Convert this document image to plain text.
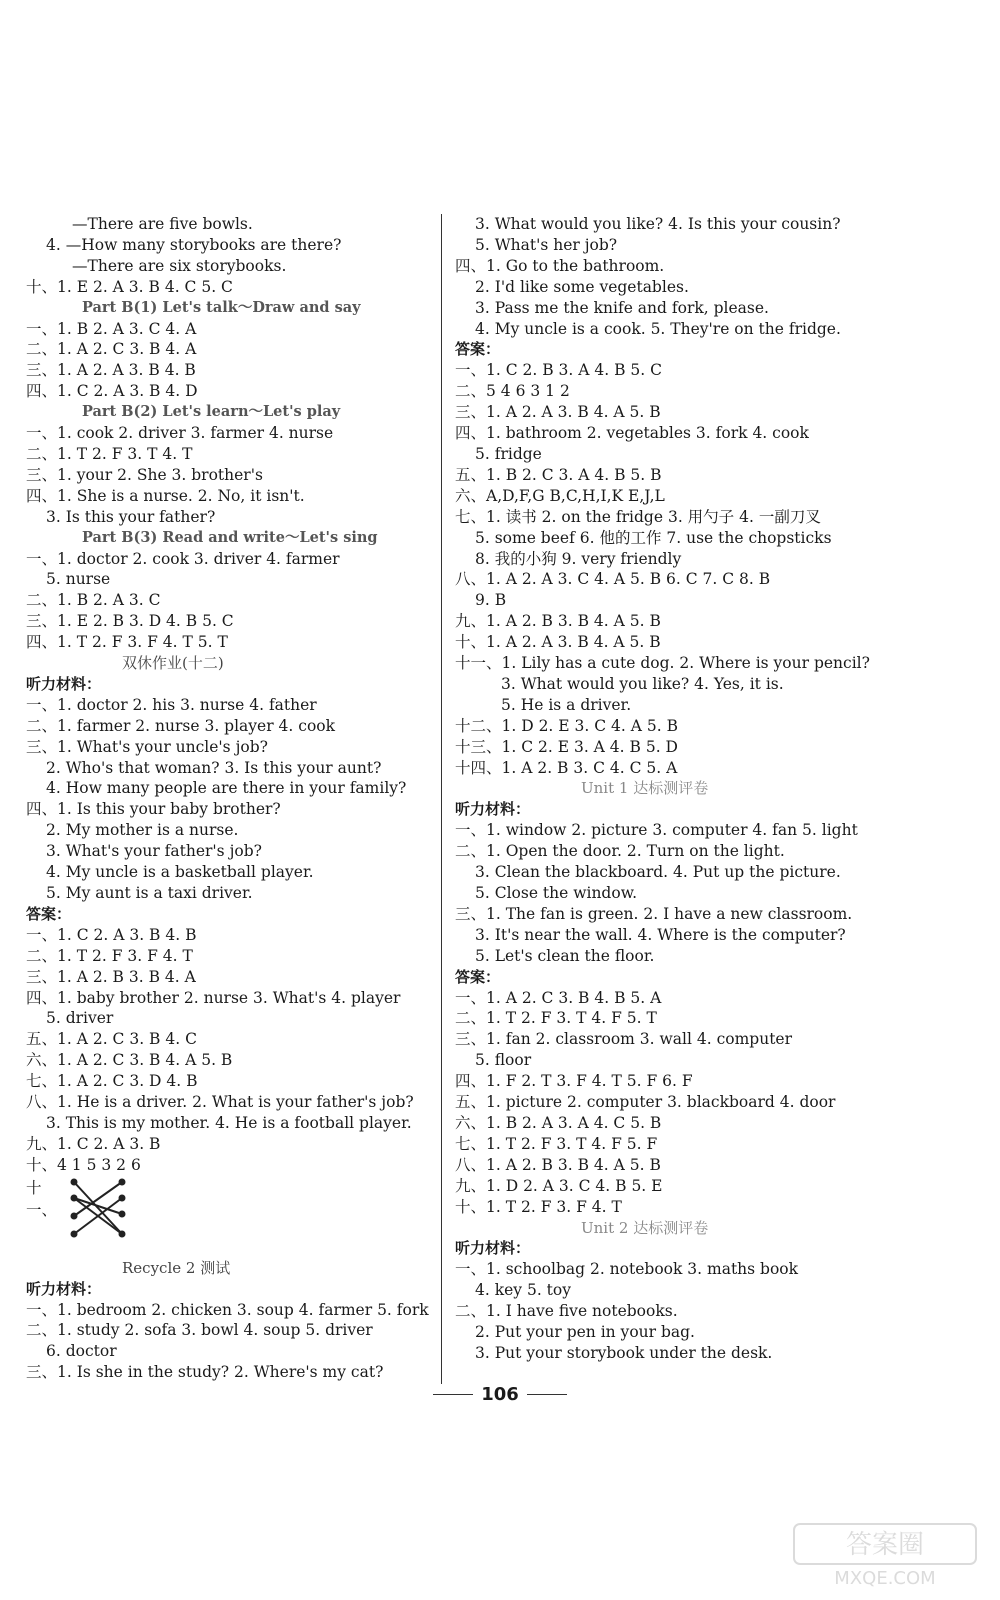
—There are five bowls.
4. —How many storybooks are there?
—There are six storybooks.
十、1. E 2. A 3. B 4. C 5. C
Part B(1) Let's talk～Draw and say
一、1. B 2. A 3. C 4. A
二、1. A 2. C 3. B 4. A
三、1. A 2. A 3. B 4. B
四、1. C 2. A 3. B 4. D
Part B(2) Let's learn～Let's play
一、1. cook 2. driver 3. farmer 4. nurse
二、1. T 2. F 3. T 4. T
三、1. your 2. She 3. brother's
四、1. She is a nurse. 2. No, it isn't.
3. Is this your father?
Part B(3) Read and write～Let's sing
一、1. doctor 2. cook 3. driver 4. farmer
5. nurse
二、1. B 2. A 3. C
三、1. E 2. B 3. D 4. B 5. C
四、1. T 2. F 3. F 4. T 5. T
双休作业(十二)
听力材料：
一、1. doctor 2. his 3. nurse 4. father
二、1. farmer 2. nurse 3. player 4. cook
三、1. What's your uncle's job?
2. Who's that woman? 3. Is this your aunt?
4. How many people are there in your family?
四、1. Is this your baby brother?
2. My mother is a nurse.
3. What's your father's job?
4. My uncle is a basketball player.
5. My aunt is a taxi driver.
答案：
一、1. C 2. A 3. B 4. B
二、1. T 2. F 3. F 4. T
三、1. A 2. B 3. B 4. A
四、1. baby brother 2. nurse 3. What's 4. player
5. driver
五、1. A 2. C 3. B 4. C
六、1. A 2. C 3. B 4. A 5. B
七、1. A 2. C 3. D 4. B
八、1. He is a driver. 2. What is your father's job?
3. This is my mother. 4. He is a football player.
九、1. C 2. A 3. B
十、4 1 5 3 2 6
十一、
Recycle 2 测试
听力材料：
一、1. bedroom 2. chicken 3. soup 4. farmer 5. fork
二、1. study 2. sofa 3. bowl 4. soup 5. driver
6. doctor
三、1. Is she in the study? 2. Where's my cat?
3. What would you like? 4. Is this your cousin?
5. What's her job?
四、1. Go to the bathroom.
2. I'd like some vegetables.
3. Pass me the knife and fork, please.
4. My uncle is a cook. 5. They're on the fridge.
答案：
一、1. C 2. B 3. A 4. B 5. C
二、5 4 6 3 1 2
三、1. A 2. A 3. B 4. A 5. B
四、1. bathroom 2. vegetables 3. fork 4. cook
5. fridge
五、1. B 2. C 3. A 4. B 5. B
六、A,D,F,G B,C,H,I,K E,J,L
七、1. 读书 2. on the fridge 3. 用勺子 4. 一副刀叉
5. some beef 6. 他的工作 7. use the chopsticks
8. 我的小狗 9. very friendly
八、1. A 2. A 3. C 4. A 5. B 6. C 7. C 8. B
9. B
九、1. A 2. B 3. B 4. A 5. B
十、1. A 2. A 3. B 4. A 5. B
十一、1. Lily has a cute dog. 2. Where is your pencil?
3. What would you like? 4. Yes, it is.
5. He is a driver.
十二、1. D 2. E 3. C 4. A 5. B
十三、1. C 2. E 3. A 4. B 5. D
十四、1. A 2. B 3. C 4. C 5. A
Unit 1 达标测评卷
听力材料：
一、1. window 2. picture 3. computer 4. fan 5. light
二、1. Open the door. 2. Turn on the light.
3. Clean the blackboard. 4. Put up the picture.
5. Close the window.
三、1. The fan is green. 2. I have a new classroom.
3. It's near the wall. 4. Where is the computer?
5. Let's clean the floor.
答案：
一、1. A 2. C 3. B 4. B 5. A
二、1. T 2. F 3. T 4. F 5. T
三、1. fan 2. classroom 3. wall 4. computer
5. floor
四、1. F 2. T 3. F 4. T 5. F 6. F
五、1. picture 2. computer 3. blackboard 4. door
六、1. B 2. A 3. A 4. C 5. B
七、1. T 2. F 3. T 4. F 5. F
八、1. A 2. B 3. B 4. A 5. B
九、1. D 2. A 3. C 4. B 5. E
十、1. T 2. F 3. F 4. T
Unit 2 达标测评卷
听力材料：
一、1. schoolbag 2. notebook 3. maths book
4. key 5. toy
二、1. I have five notebooks.
2. Put your pen in your bag.
3. Put your storybook under the desk.
106
答案圈
MXQE.COM
